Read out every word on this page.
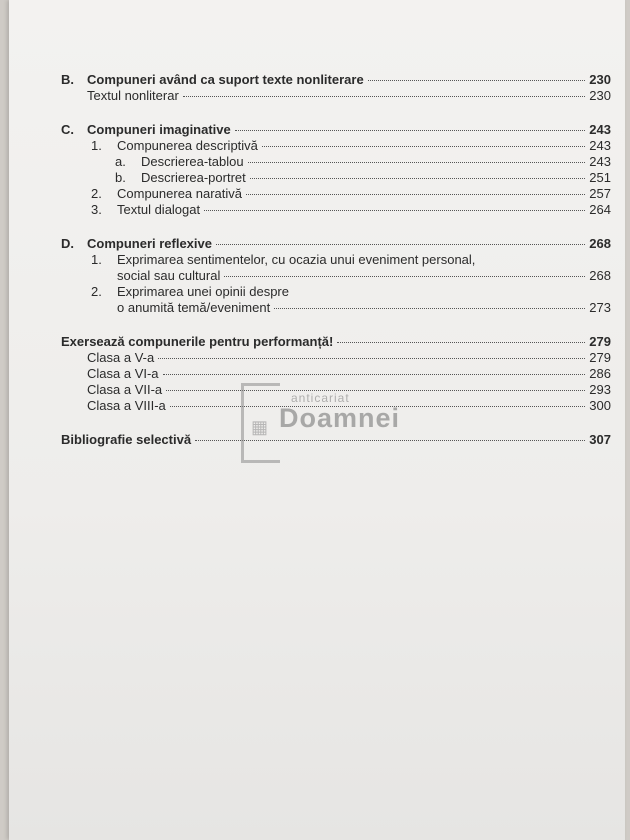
B. Compuneri având ca suport texte nonliterare	230
Textul nonliterar	230
C. Compuneri imaginative	243
1. Compunerea descriptivă	243
a. Descrierea-tablou	243
b. Descrierea-portret	251
2. Compunerea narativă	257
3. Textul dialogat	264
D. Compuneri reflexive	268
1. Exprimarea sentimentelor, cu ocazia unui eveniment personal,
social sau cultural	268
2. Exprimarea unei opinii despre
o anumită temă/eveniment	273
Exersează compunerile pentru performanță!	279
Clasa a V-a	279
Clasa a VI-a	286
Clasa a VII-a	293
Clasa a VIII-a	300
Bibliografie selectivă	307
▦
anticariat
Doamnei
